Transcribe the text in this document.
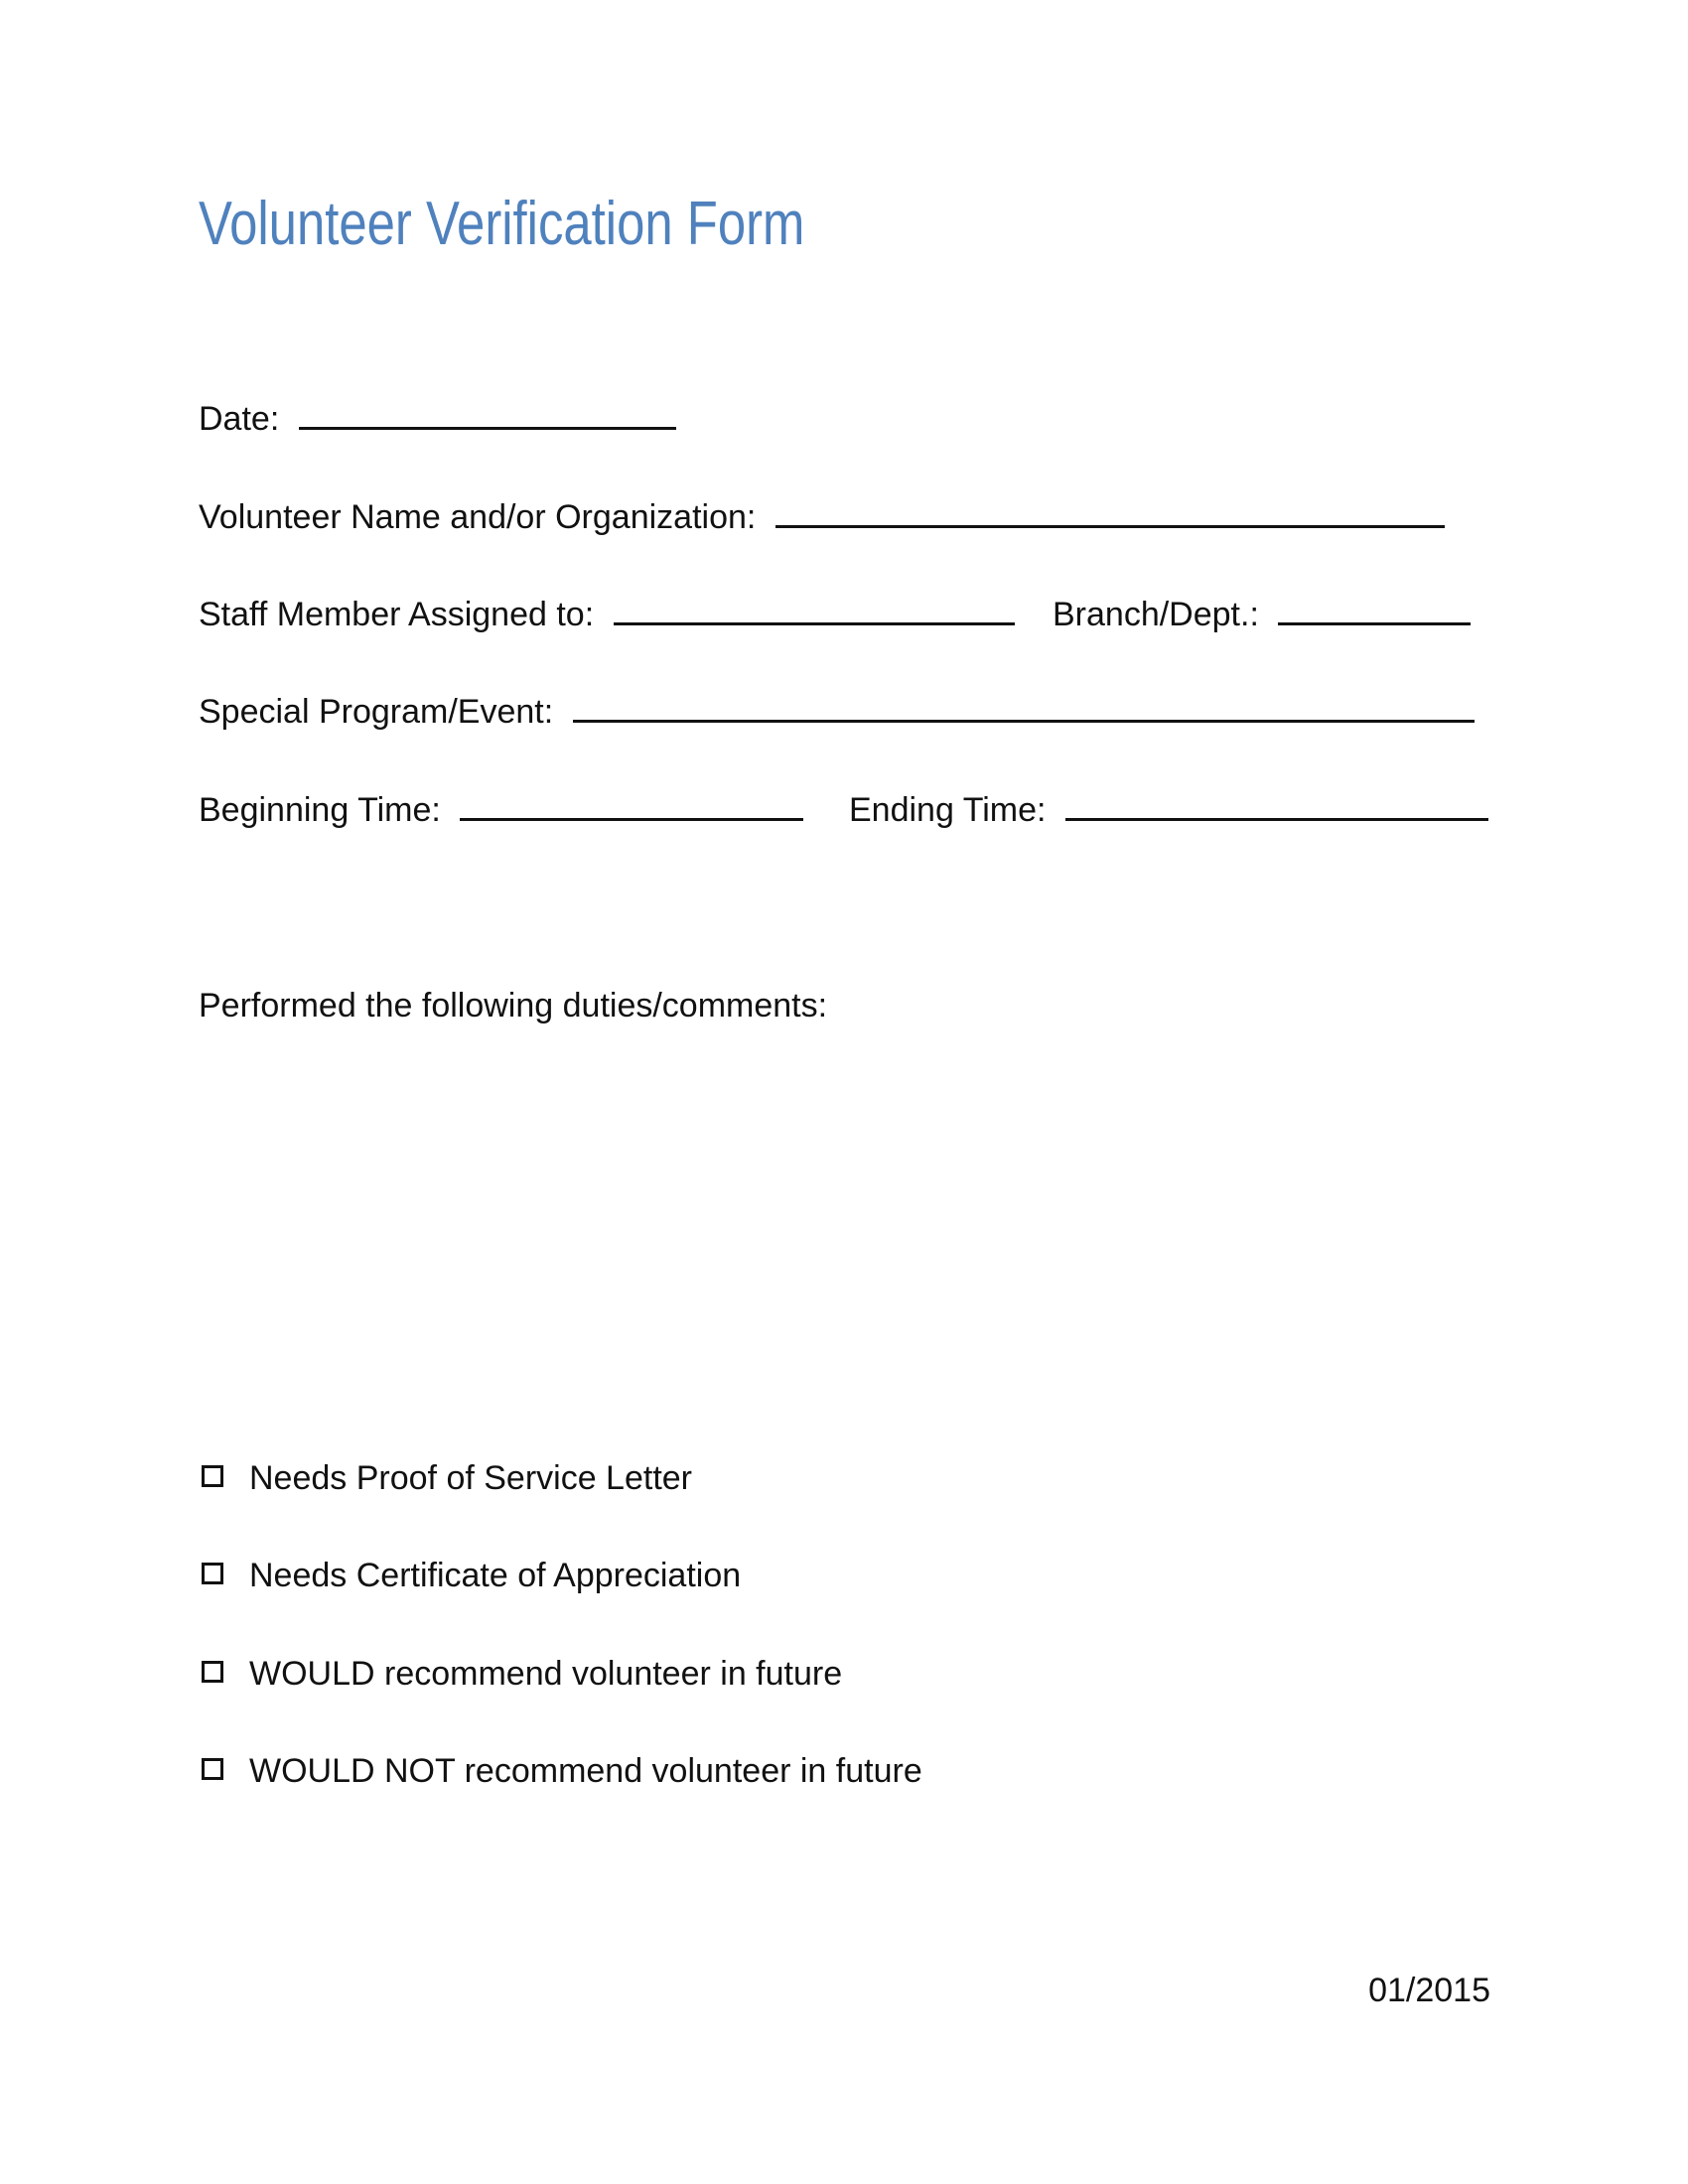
Volunteer Verification Form
Date:
Volunteer Name and/or Organization:
Staff Member Assigned to:	Branch/Dept.:
Special Program/Event:
Beginning Time:	Ending Time:
Performed the following duties/comments:
Needs Proof of Service Letter
Needs Certificate of Appreciation
WOULD recommend volunteer in future
WOULD NOT recommend volunteer in future
01/2015
